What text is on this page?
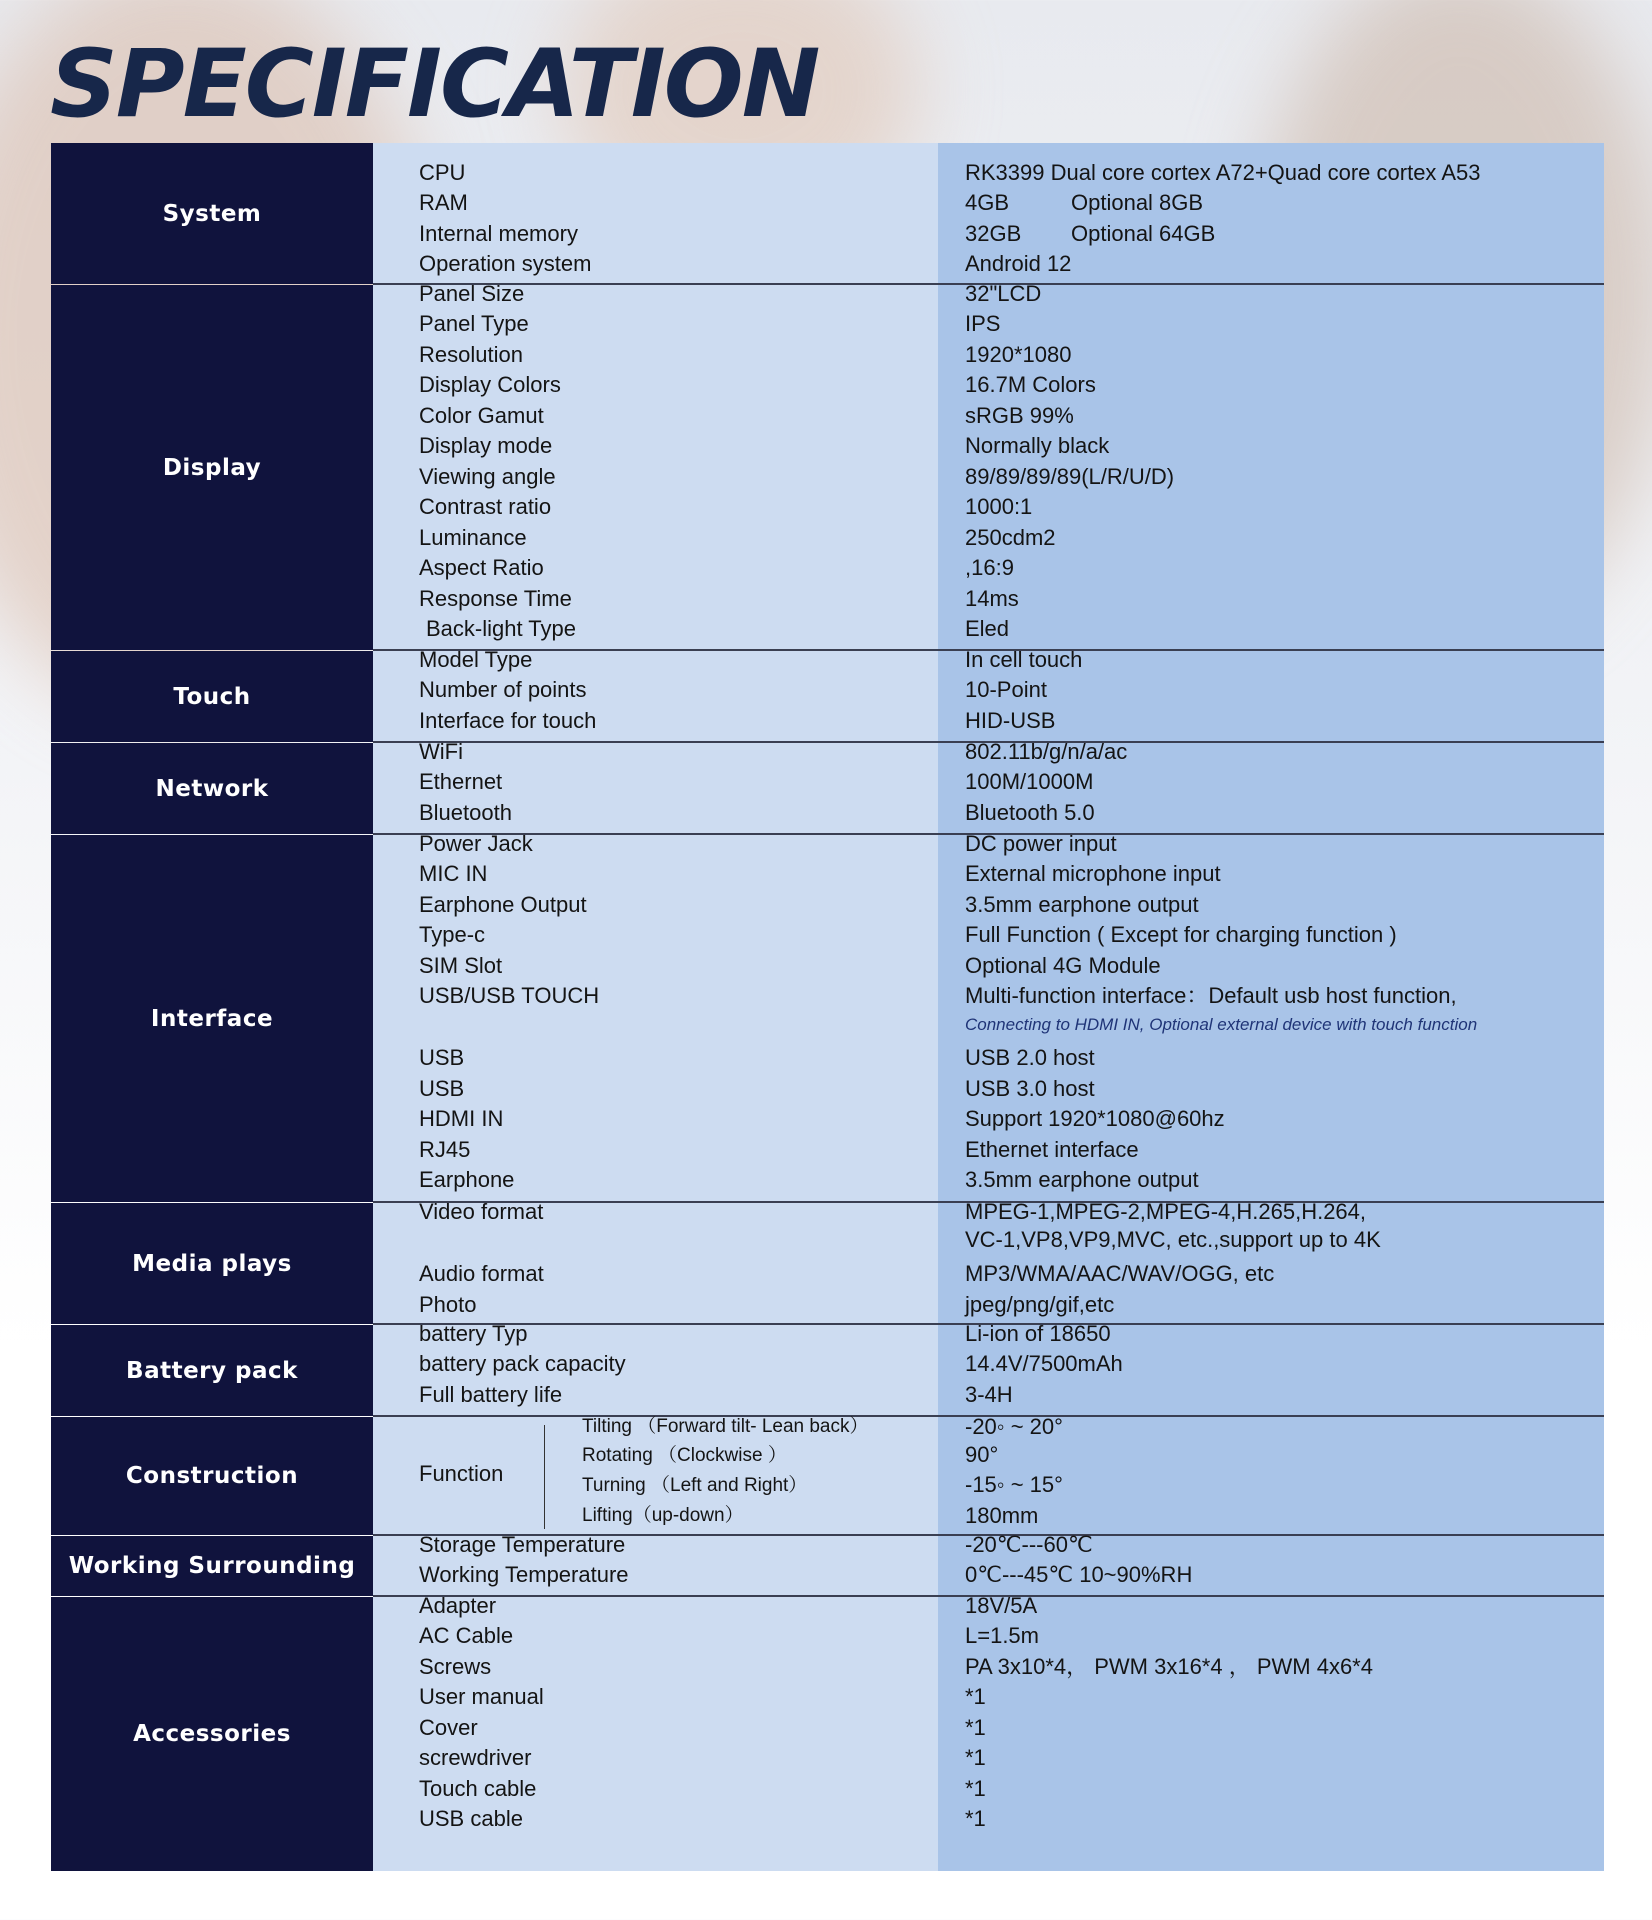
SPECIFICATION
System
CPU
RAM
Internal memory
Operation system
RK3399 Dual core cortex A72+Quad core cortex A53
4GB	Optional 8GB
32GB Optional 64GB
Android 12
Display
Panel Size
Panel Type
Resolution
Display Colors
Color Gamut
Display mode
Viewing angle
Contrast ratio
Luminance
Aspect Ratio
Response Time
Back-light Type
32"LCD
IPS
1920*1080
16.7M Colors
sRGB 99%
Normally black
89/89/89/89(L/R/U/D)
1000:1
250cdm2
,16:9
14ms
Eled
Touch
Model Type
Number of points
Interface for touch
In cell touch
10-Point
HID-USB
Network
WiFi
Ethernet
Bluetooth
802.11b/g/n/a/ac
100M/1000M
Bluetooth 5.0
Interface
Power Jack
MIC IN
Earphone Output
Type-c
SIM Slot
USB/USB TOUCH
USB
USB
HDMI IN
RJ45
Earphone
DC power input
External microphone input
3.5mm earphone output
Full Function ( Except for charging function )
Optional 4G Module
Multi-function interface：Default usb host function,
Connecting to HDMI IN, Optional external device with touch function
USB 2.0 host
USB 3.0 host
Support 1920*1080@60hz
Ethernet interface
3.5mm earphone output
Media plays
Video format
Audio format
Photo
MPEG-1,MPEG-2,MPEG-4,H.265,H.264,
VC-1,VP8,VP9,MVC, etc.,support up to 4K
MP3/WMA/AAC/WAV/OGG, etc
jpeg/png/gif,etc
Battery pack
battery Typ
battery pack capacity
Full battery life
Li-ion of 18650
14.4V/7500mAh
3-4H
Construction	Function
Tilting （Forward tilt- Lean back）
Rotating （Clockwise ）
Turning （Left and Right）
Lifting（up-down）
-20◦ ~ 20°
90°
-15◦ ~ 15°
180mm
Working Surrounding
Storage Temperature
Working Temperature
-20℃---60℃
0℃---45℃ 10~90%RH
Accessories
Adapter
AC Cable
Screws
User manual
Cover
screwdriver
Touch cable
USB cable
18V/5A
L=1.5m
PA 3x10*4， PWM 3x16*4 ， PWM 4x6*4
*1
*1
*1
*1
*1
